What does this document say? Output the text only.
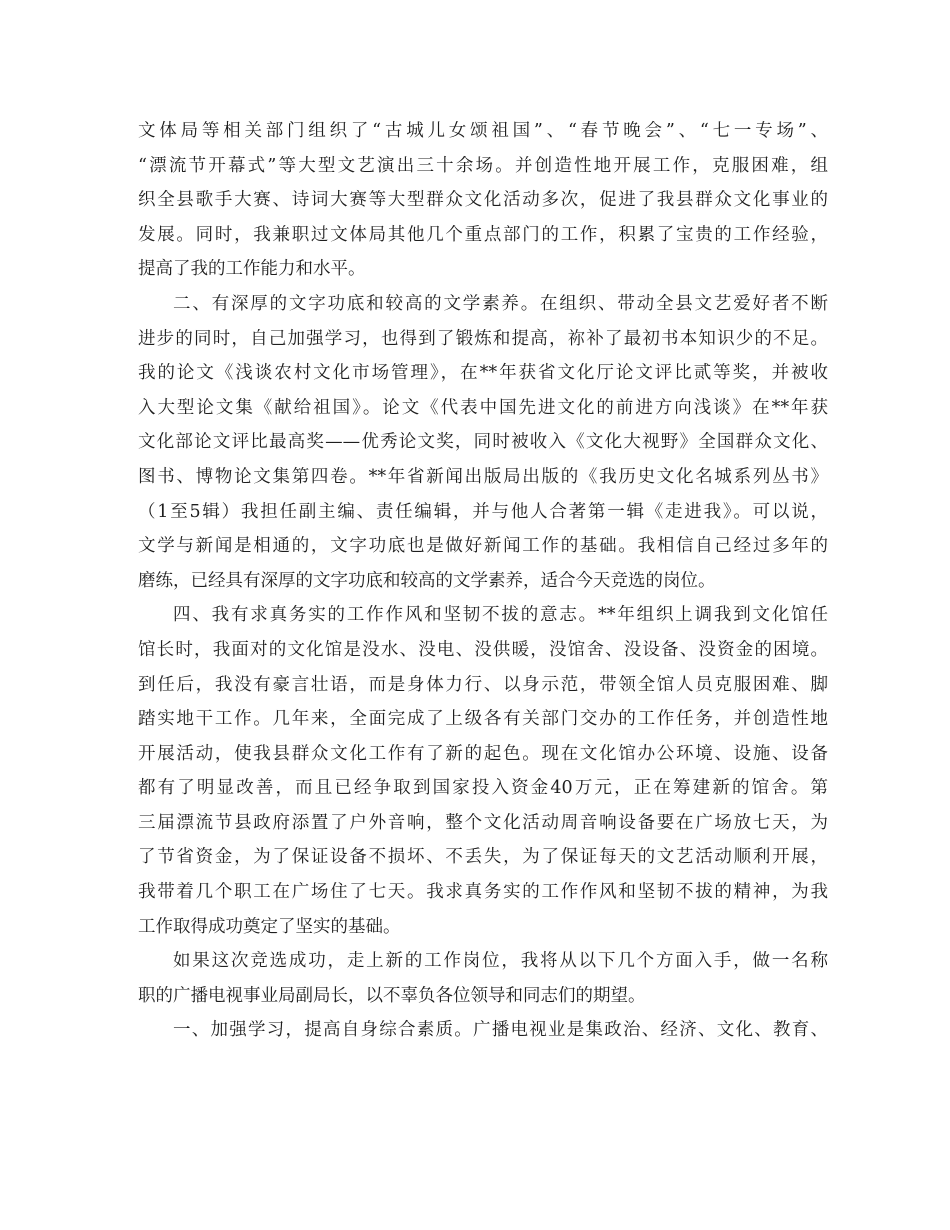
文体局等相关部门组织了“古城儿女颂祖国”、“春节晚会”、“七一专场”、
“漂流节开幕式”等大型文艺演出三十余场。并创造性地开展工作，克服困难，组
织全县歌手大赛、诗词大赛等大型群众文化活动多次，促进了我县群众文化事业的
发展。同时，我兼职过文体局其他几个重点部门的工作，积累了宝贵的工作经验，
提高了我的工作能力和水平。
二、有深厚的文字功底和较高的文学素养。在组织、带动全县文艺爱好者不断
进步的同时，自己加强学习，也得到了锻炼和提高，祢补了最初书本知识少的不足。
我的论文《浅谈农村文化市场管理》，在**年获省文化厅论文评比贰等奖，并被收
入大型论文集《献给祖国》。论文《代表中国先进文化的前进方向浅谈》在**年获
文化部论文评比最高奖——优秀论文奖，同时被收入《文化大视野》全国群众文化、
图书、博物论文集第四卷。**年省新闻出版局出版的《我历史文化名城系列丛书》
（1至5辑）我担任副主编、责任编辑，并与他人合著第一辑《走进我》。可以说，
文学与新闻是相通的，文字功底也是做好新闻工作的基础。我相信自己经过多年的
磨练，已经具有深厚的文字功底和较高的文学素养，适合今天竞选的岗位。
四、我有求真务实的工作作风和坚韧不拔的意志。**年组织上调我到文化馆任
馆长时，我面对的文化馆是没水、没电、没供暖，没馆舍、没设备、没资金的困境。
到任后，我没有豪言壮语，而是身体力行、以身示范，带领全馆人员克服困难、脚
踏实地干工作。几年来，全面完成了上级各有关部门交办的工作任务，并创造性地
开展活动，使我县群众文化工作有了新的起色。现在文化馆办公环境、设施、设备
都有了明显改善，而且已经争取到国家投入资金40万元，正在筹建新的馆舍。第
三届漂流节县政府添置了户外音响，整个文化活动周音响设备要在广场放七天，为
了节省资金，为了保证设备不损坏、不丢失，为了保证每天的文艺活动顺利开展，
我带着几个职工在广场住了七天。我求真务实的工作作风和坚韧不拔的精神，为我
工作取得成功奠定了坚实的基础。
如果这次竞选成功，走上新的工作岗位，我将从以下几个方面入手，做一名称
职的广播电视事业局副局长，以不辜负各位领导和同志们的期望。
一、加强学习，提高自身综合素质。广播电视业是集政治、经济、文化、教育、
